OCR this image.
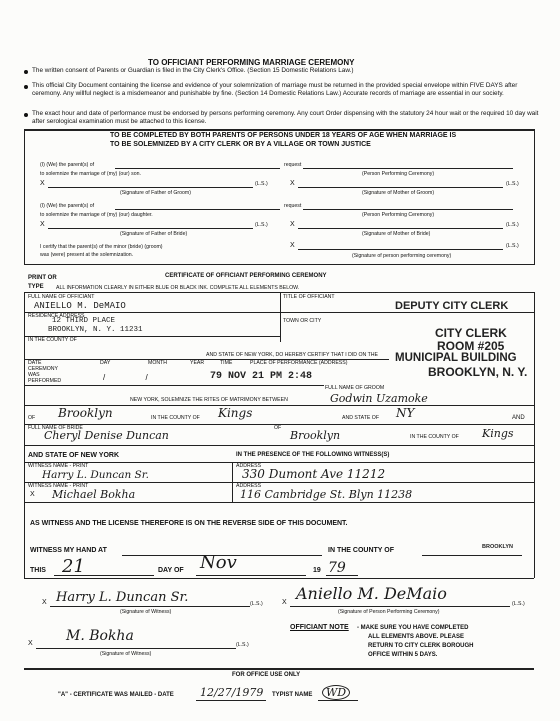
TO OFFICIANT PERFORMING MARRIAGE CEREMONY
The written consent of Parents or Guardian is filed in the City Clerk's Office. (Section 15 Domestic Relations Law.)
This official City Document containing the license and evidence of your solemnization of marriage must be returned in the provided special envelope within FIVE DAYS after ceremony. Any willful neglect is a misdemeanor and punishable by fine. (Section 14 Domestic Relations Law.) Accurate records of marriage are essential in our society.
The exact hour and date of performance must be endorsed by persons performing ceremony. Any court Order dispensing with the statutory 24 hour wait or the required 10 day wait after serological examination must be attached to this license.
TO BE COMPLETED BY BOTH PARENTS OF PERSONS UNDER 18 YEARS OF AGE WHEN MARRIAGE IS
TO BE SOLEMNIZED BY A CITY CLERK OR BY A VILLAGE OR TOWN JUSTICE
(I) (We) the parent(s) of	request
to solemnize the marriage of (my) (our) son.	(Person Performing Ceremony)
X	(L.S.)	X	(L.S.)
(Signature of Father of Groom)	(Signature of Mother of Groom)
(I) (We) the parent(s) of	request
to solemnize the marriage of (my) (our) daughter.	(Person Performing Ceremony)
X	(L.S.)	X	(L.S.)
(Signature of Father of Bride)	(Signature of Mother of Bride)
I certify that the parent(s) of the minor (bride) (groom)
was (were) present at the solemnization.
X	(L.S.)
(Signature of person performing ceremony)
PRINT OR
TYPE
CERTIFICATE OF OFFICIANT PERFORMING CEREMONY
ALL INFORMATION CLEARLY IN EITHER BLUE OR BLACK INK. COMPLETE ALL ELEMENTS BELOW.
FULL NAME OF OFFICIANT
ANIELLO M. DeMAIO
TITLE OF OFFICIANT
DEPUTY CITY CLERK
RESIDENCE ADDRESS
12 THIRD PLACE
BROOKLYN, N. Y. 11231
TOWN OR CITY
IN THE COUNTY OF	CITY CLERK
ROOM #205
MUNICIPAL BUILDING
BROOKLYN, N. Y.
AND STATE OF NEW YORK, DO HEREBY CERTIFY THAT I DID ON THE
DATE CEREMONY WAS PERFORMED
DAY	MONTH	YEAR	TIME	PLACE OF PERFORMANCE (ADDRESS)
/ /	79 NOV 21 PM 2:48
NEW YORK, SOLEMNIZE THE RITES OF MATRIMONY BETWEEN
FULL NAME OF GROOM
Godwin Uzamoke
OF Brooklyn	IN THE COUNTY OF Kings	AND STATE OF NY	AND
FULL NAME OF BRIDE
Cheryl Denise Duncan
OF
Brooklyn	IN THE COUNTY OF Kings
AND STATE OF NEW YORK	IN THE PRESENCE OF THE FOLLOWING WITNESS(S)
WITNESS NAME - PRINT	ADDRESS
Harry L. Duncan Sr.	330 Dumont Ave 11212
WITNESS NAME - PRINT	ADDRESS
X Michael Bokha	116 Cambridge St. Blyn 11238
AS WITNESS AND THE LICENSE THEREFORE IS ON THE REVERSE SIDE OF THIS DOCUMENT.
WITNESS MY HAND AT	IN THE COUNTY OF	BROOKLYN
THIS 21	DAY OF Nov	19 79
X Harry L. Duncan Sr.	(L.S.)
(Signature of Witness)
X Aniello M. DeMaio
(L.S.)
(Signature of Person Performing Ceremony)
X M. Bokha
(L.S.)
(Signature of Witness)
OFFICIANT NOTE - MAKE SURE YOU HAVE COMPLETED
ALL ELEMENTS ABOVE. PLEASE
RETURN TO CITY CLERK BOROUGH
OFFICE WITHIN 5 DAYS.
FOR OFFICE USE ONLY
"A" - CERTIFICATE WAS MAILED - DATE 12/27/1979 TYPIST NAME	WD
